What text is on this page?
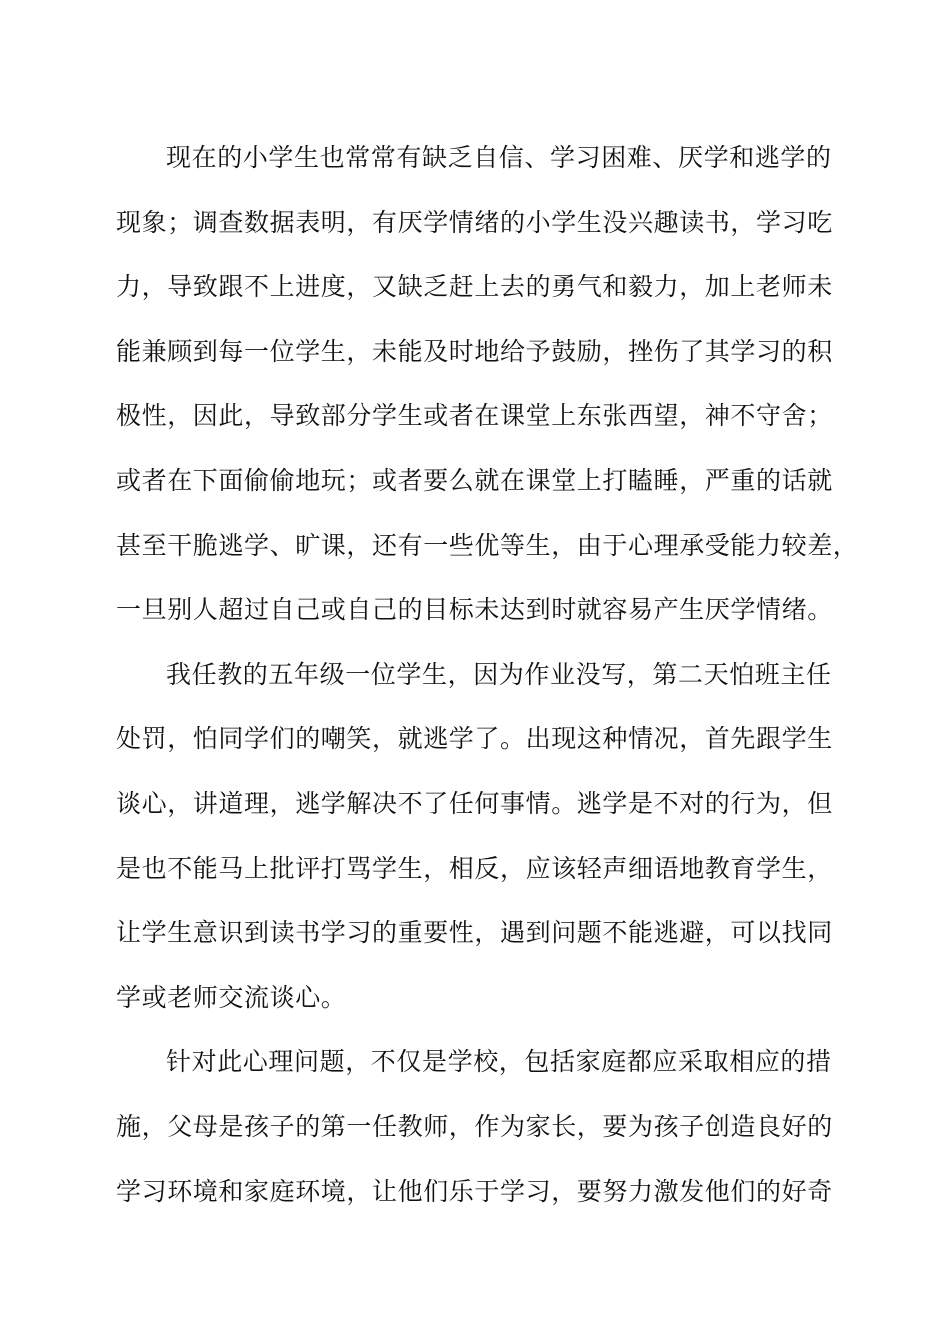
现在的小学生也常常有缺乏自信、学习困难、厌学和逃学的
现象；调查数据表明，有厌学情绪的小学生没兴趣读书，学习吃
力，导致跟不上进度，又缺乏赶上去的勇气和毅力，加上老师未
能兼顾到每一位学生，未能及时地给予鼓励，挫伤了其学习的积
极性，因此，导致部分学生或者在课堂上东张西望，神不守舍；
或者在下面偷偷地玩；或者要么就在课堂上打瞌睡，严重的话就
甚至干脆逃学、旷课，还有一些优等生，由于心理承受能力较差，
一旦别人超过自己或自己的目标未达到时就容易产生厌学情绪。
我任教的五年级一位学生，因为作业没写，第二天怕班主任
处罚，怕同学们的嘲笑，就逃学了。出现这种情况，首先跟学生
谈心，讲道理，逃学解决不了任何事情。逃学是不对的行为，但
是也不能马上批评打骂学生，相反，应该轻声细语地教育学生，
让学生意识到读书学习的重要性，遇到问题不能逃避，可以找同
学或老师交流谈心。
针对此心理问题，不仅是学校，包括家庭都应采取相应的措
施，父母是孩子的第一任教师，作为家长，要为孩子创造良好的
学习环境和家庭环境，让他们乐于学习，要努力激发他们的好奇
